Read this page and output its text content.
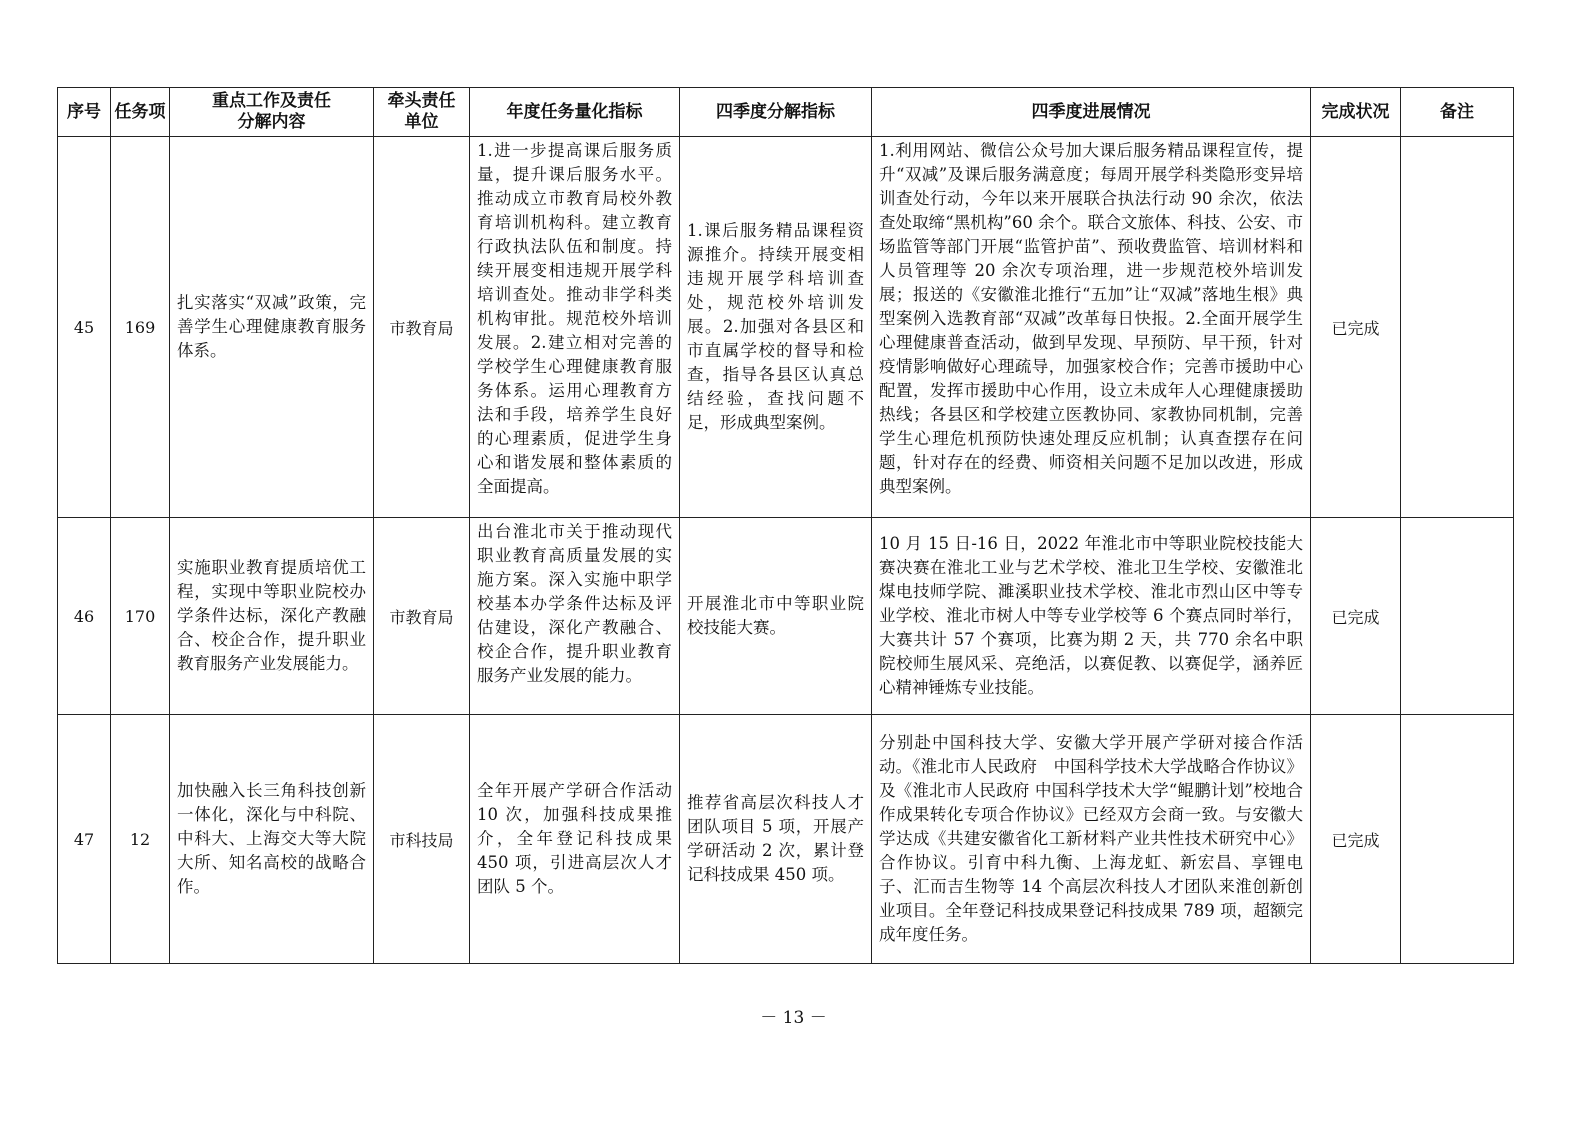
序号	任务项	重点工作及责任分解内容	牵头责任单位	年度任务量化指标	四季度分解指标	四季度进展情况	完成状况	备注
45	169	扎实落实“双减”政策，完善学生心理健康教育服务体系。	市教育局	1.进一步提高课后服务质量，提升课后服务水平。推动成立市教育局校外教育培训机构科。建立教育行政执法队伍和制度。持续开展变相违规开展学科培训查处。推动非学科类机构审批。规范校外培训发展。2.建立相对完善的学校学生心理健康教育服务体系。运用心理教育方法和手段，培养学生良好的心理素质，促进学生身心和谐发展和整体素质的全面提高。	1.课后服务精品课程资源推介。持续开展变相违规开展学科培训查处，规范校外培训发展。2.加强对各县区和市直属学校的督导和检查，指导各县区认真总结经验，查找问题不足，形成典型案例。	1.利用网站、微信公众号加大课后服务精品课程宣传，提升“双减”及课后服务满意度；每周开展学科类隐形变异培训查处行动，今年以来开展联合执法行动 90 余次，依法查处取缔“黑机构”60 余个。联合文旅体、科技、公安、市场监管等部门开展“监管护苗”、预收费监管、培训材料和人员管理等 20 余次专项治理，进一步规范校外培训发展；报送的《安徽淮北推行“五加”让“双减”落地生根》典型案例入选教育部“双减”改革每日快报。2.全面开展学生心理健康普查活动，做到早发现、早预防、早干预，针对疫情影响做好心理疏导，加强家校合作；完善市援助中心配置，发挥市援助中心作用，设立未成年人心理健康援助热线；各县区和学校建立医教协同、家教协同机制，完善学生心理危机预防快速处理反应机制；认真查摆存在问题，针对存在的经费、师资相关问题不足加以改进，形成典型案例。	已完成	
46	170	实施职业教育提质培优工程，实现中等职业院校办学条件达标，深化产教融合、校企合作，提升职业教育服务产业发展能力。	市教育局	出台淮北市关于推动现代职业教育高质量发展的实施方案。深入实施中职学校基本办学条件达标及评估建设，深化产教融合、校企合作，提升职业教育服务产业发展的能力。	开展淮北市中等职业院校技能大赛。	10 月 15 日-16 日，2022 年淮北市中等职业院校技能大赛决赛在淮北工业与艺术学校、淮北卫生学校、安徽淮北煤电技师学院、濉溪职业技术学校、淮北市烈山区中等专业学校、淮北市树人中等专业学校等 6 个赛点同时举行，大赛共计 57 个赛项，比赛为期 2 天，共 770 余名中职院校师生展风采、亮绝活，以赛促教、以赛促学，涵养匠心精神锤炼专业技能。	已完成	
47	12	加快融入长三角科技创新一体化，深化与中科院、中科大、上海交大等大院大所、知名高校的战略合作。	市科技局	全年开展产学研合作活动 10 次，加强科技成果推介，全年登记科技成果 450 项，引进高层次人才团队 5 个。	推荐省高层次科技人才团队项目 5 项，开展产学研活动 2 次，累计登记科技成果 450 项。	分别赴中国科技大学、安徽大学开展产学研对接合作活动。《淮北市人民政府　中国科学技术大学战略合作协议》及《淮北市人民政府 中国科学技术大学“鲲鹏计划”校地合作成果转化专项合作协议》已经双方会商一致。与安徽大学达成《共建安徽省化工新材料产业共性技术研究中心》合作协议。引育中科九衡、上海龙虹、新宏昌、享锂电子、汇而吉生物等 14 个高层次科技人才团队来淮创新创业项目。全年登记科技成果登记科技成果 789 项，超额完成年度任务。	已完成	
－ 13 －
